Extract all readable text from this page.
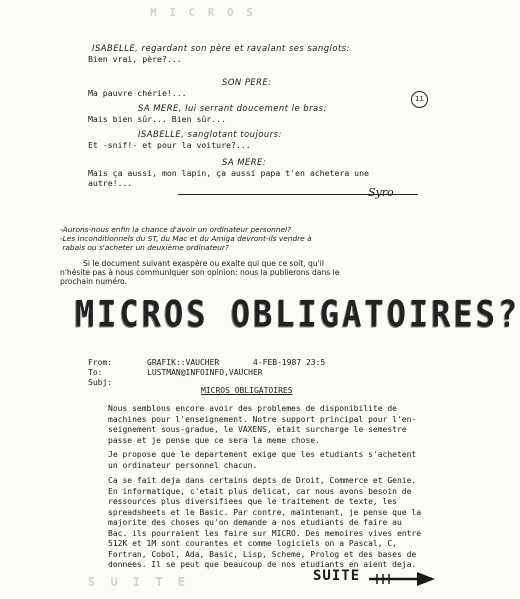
M I C R O S
ISABELLE, regardant son père et ravalant ses sanglots:
Bien vrai, père?...
SON PERE:
Ma pauvre chérie!...
11
SA MERE, lui serrant doucement le bras:
Mais bien sûr... Bien sûr...
ISABELLE, sanglotant toujours:
Et -snif!- et pour la voiture?...
SA MERE:
Mais ça aussi, mon lapin, ça aussi papa t'en achetera une
autre!...
Syro
-Aurons-nous enfin la chance d'avoir un ordinateur personnel?
-Les inconditionnels du ST, du Mac et du Amiga devront-ils vendre à
rabais ou s'acheter un deuxième ordinateur?
Si le document suivant exaspère ou exalte qui que ce soit, qu'il
n'hésite pas à nous communiquer son opinion: nous la publierons dans le
prochain numéro.
MICROS OBLIGATOIRES?
From:	GRAFIK::VAUCHER	4-FEB-1987 23:5
To:	LUSTMAN@INFOINFO,VAUCHER
Subj:
MICROS OBLIGATOIRES
Nous semblons encore avoir des problemes de disponibilite de
machines pour l'enseignement. Notre support principal pour l'en-
seignement sous-gradue, le VAXENS, etait surcharge le semestre
passe et je pense que ce sera la meme chose.
Je propose que le departement exige que les etudiants s'achetent
un ordinateur personnel chacun.
Ca se fait deja dans certains depts de Droit, Commerce et Genie.
En informatique, c'etait plus delicat, car nous avons besoin de
ressources plus diversifiees que le traitement de texte, les
spreadsheets et le Basic. Par contre, maintenant, je pense que la
majorite des choses qu'on demande a nos etudiants de faire au
Bac. ils pourraient les faire sur MICRO. Des memoires vives entre
512K et 1M sont courantes et comme logiciels on a Pascal, C,
Fortran, Cobol, Ada, Basic, Lisp, Scheme, Prolog et des bases de
donnees. Il se peut que beaucoup de nos etudiants en aient deja.
SUITE
S U I T E
